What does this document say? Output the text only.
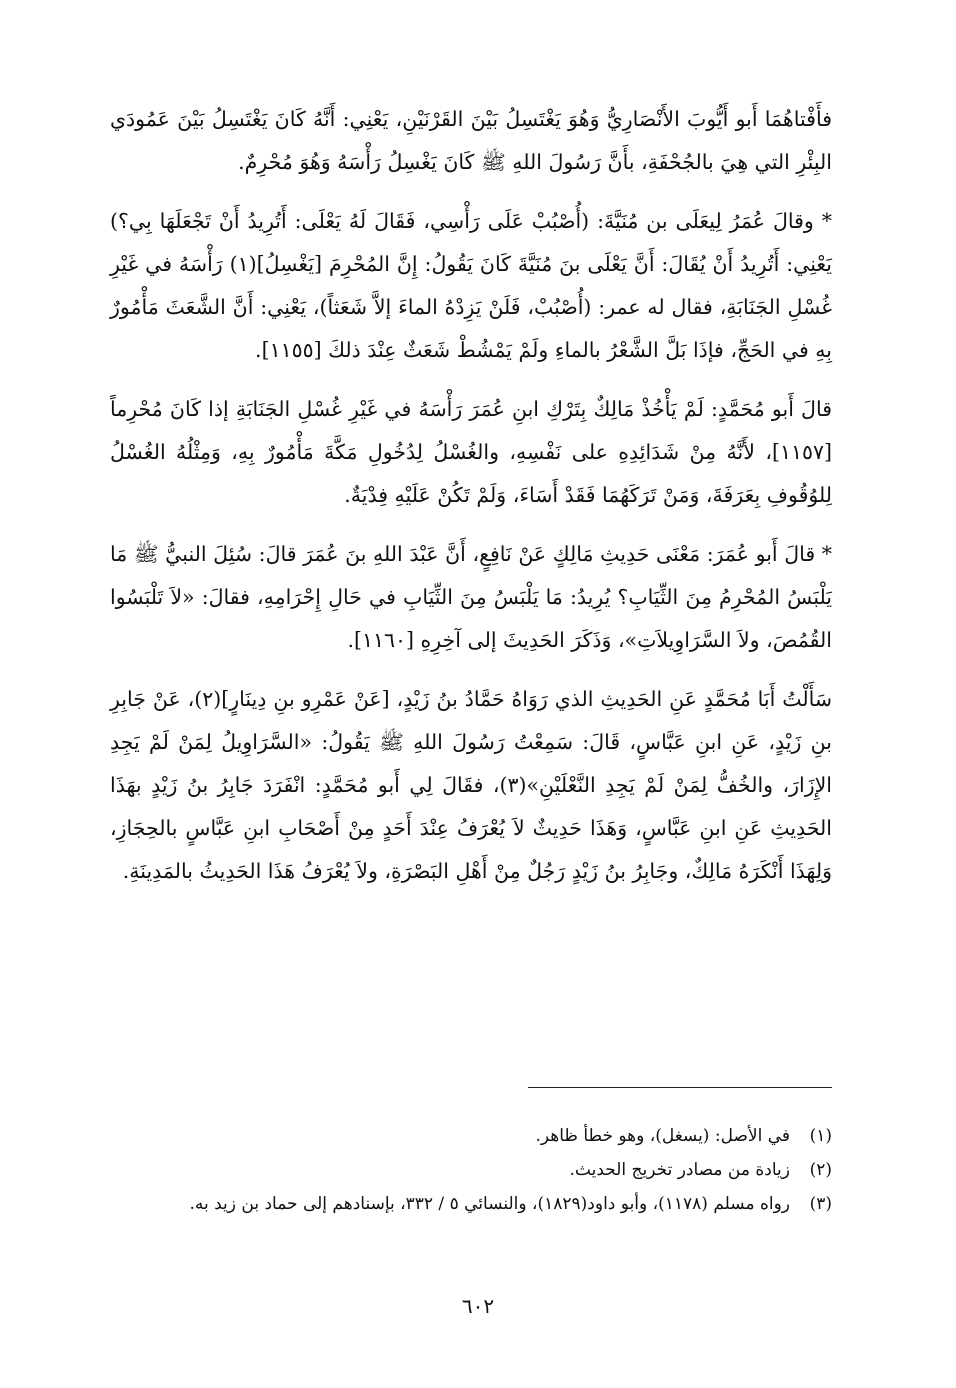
فأَفْتاهُمَا أَبو أَيُّوبَ الأَنْصَارِيُّ وَهُوَ يَغْتَسِلُ بَيْنَ القَرْنَيْنِ، يَعْنِي: أَنَّهُ كَانَ يَغْتَسِلُ بَيْنَ عَمُودَي البِئْرِ التي هِيَ بالجُحْفَةِ، بأَنَّ رَسُولَ اللهِ ﷺ كَانَ يَغْسِلُ رَأْسَهُ وَهُوَ مُحْرِمٌ.

* وقالَ عُمَرُ لِيعَلَى بن مُنَيَّةَ: (أُصْبُبْ عَلَى رَأْسِي، فَقَالَ لَهُ يَعْلَى: أَتُرِيدُ أَنْ تَجْعَلَهَا بِي؟) يَعْنِي: أَتُرِيدُ أَنْ يُقَالَ: أَنَّ يَعْلَى بنَ مُنَيَّةَ كَانَ يَقُولُ: إِنَّ المُحْرِمَ [يَغْسِلُ](١) رَأْسَهُ في غَيْرِ غُسْلِ الجَنَابَةِ، فقال له عمر: (أُصْبُبْ، فَلَنْ يَزِدْهُ الماءَ إلاَّ شَعَثاً)، يَعْنِي: أَنَّ الشَّعَثَ مَأْمُورٌ بِهِ في الحَجِّ، فإذَا بَلَّ الشَّعْرُ بالماءِ ولَمْ يَمْشُطْ شَعَثٌ عِنْدَ ذلكَ [١١٥٥].

قالَ أَبو مُحَمَّدٍ: لَمْ يَأْخُذْ مَالِكٌ بِتَرْكِ ابنِ عُمَرَ رَأْسَهُ في غَيْرِ غُسْلِ الجَنَابَةِ إذا كَانَ مُحْرِماً [١١٥٧]، لأَنَّهُ مِنْ شَدَائِدِهِ على نَفْسِهِ، والغُسْلُ لِدُخُولِ مَكَّةَ مَأْمُورٌ بِهِ، وَمِثْلُهُ الغُسْلُ لِلوُقُوفِ بِعَرَفَةَ، وَمَنْ تَرَكَهُمَا فَقَدْ أَسَاءَ، وَلَمْ تَكُنْ عَلَيْهِ فِدْيَةٌ.

* قالَ أَبو عُمَرَ: مَعْنَى حَدِيثِ مَالِكٍ عَنْ نَافِعٍ، أَنَّ عَبْدَ اللهِ بنَ عُمَرَ قالَ: سُئِلَ النبيُّ ﷺ مَا يَلْبَسُ المُحْرِمُ مِنَ الثِّيَابِ؟ يُرِيدُ: مَا يَلْبَسُ مِنَ الثِّيَابِ في حَالِ إِحْرَامِهِ، فقالَ: «لاَ تَلْبَسُوا القُمُصَ، ولاَ السَّرَاوِيلاَتِ»، وَذَكَرَ الحَدِيثَ إلى آخِرِهِ [١١٦٠].

سَأَلْتُ أَبَا مُحَمَّدٍ عَنِ الحَدِيثِ الذي رَوَاهُ حَمَّادُ بنُ زَيْدٍ، [عَنْ عَمْرِو بنِ دِينَارٍ](٢)، عَنْ جَابِرِ بنِ زَيْدٍ، عَنِ ابنِ عَبَّاسٍ، قَالَ: سَمِعْتُ رَسُولَ اللهِ ﷺ يَقُولُ: «السَّرَاوِيلُ لِمَنْ لَمْ يَجِدِ الإِزَارَ، والخُفُّ لِمَنْ لَمْ يَجِدِ النَّعْلَيْنِ»(٣)، فقَالَ لِي أَبو مُحَمَّدٍ: انْفَرَدَ جَابِرُ بنُ زَيْدٍ بهَذَا الحَدِيثِ عَنِ ابنِ عَبَّاسٍ، وَهَذَا حَدِيثٌ لاَ يُعْرَفُ عِنْدَ أَحَدٍ مِنْ أَصْحَابِ ابنِ عَبَّاسٍ بالحِجَازِ، وَلِهَذَا أَنْكَرَهُ مَالِكٌ، وجَابِرُ بنُ زَيْدٍ رَجُلٌ مِنْ أَهْلِ البَصْرَةِ، ولاَ يُعْرَفُ هَذَا الحَدِيثُ بالمَدِينَةِ.

(١)
في الأصل: (يسغل)، وهو خطأ ظاهر.
(٢)
زيادة من مصادر تخريج الحديث.
(٣)
رواه مسلم (١١٧٨)، وأبو داود(١٨٢٩)، والنسائي ٥ / ٣٣٢، بإسنادهم إلى حماد بن زيد به.
٦٠٢
